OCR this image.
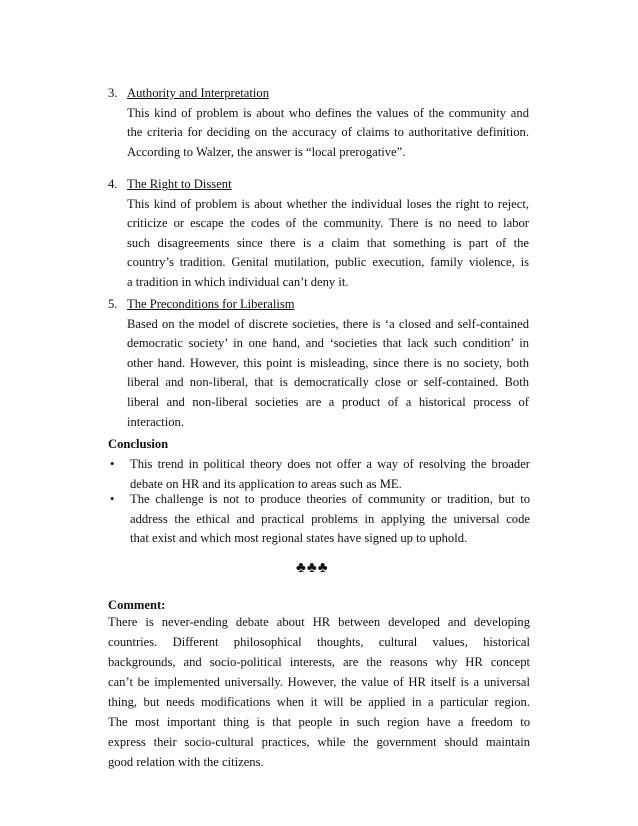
3. Authority and Interpretation
This kind of problem is about who defines the values of the community and
the criteria for deciding on the accuracy of claims to authoritative definition.
According to Walzer, the answer is “local prerogative”.
4. The Right to Dissent
This kind of problem is about whether the individual loses the right to reject,
criticize or escape the codes of the community. There is no need to labor
such disagreements since there is a claim that something is part of the
country’s tradition. Genital mutilation, public execution, family violence, is
a tradition in which individual can’t deny it.
5. The Preconditions for Liberalism
Based on the model of discrete societies, there is ‘a closed and self-contained
democratic society’ in one hand, and ‘societies that lack such condition’ in
other hand. However, this point is misleading, since there is no society, both
liberal and non-liberal, that is democratically close or self-contained. Both
liberal and non-liberal societies are a product of a historical process of
interaction.
Conclusion
• This trend in political theory does not offer a way of resolving the broader
debate on HR and its application to areas such as ME.
• The challenge is not to produce theories of community or tradition, but to
address the ethical and practical problems in applying the universal code
that exist and which most regional states have signed up to uphold.
♣♣♣
Comment:
There is never-ending debate about HR between developed and developing
countries. Different philosophical thoughts, cultural values, historical
backgrounds, and socio-political interests, are the reasons why HR concept
can’t be implemented universally. However, the value of HR itself is a universal
thing, but needs modifications when it will be applied in a particular region.
The most important thing is that people in such region have a freedom to
express their socio-cultural practices, while the government should maintain
good relation with the citizens.
